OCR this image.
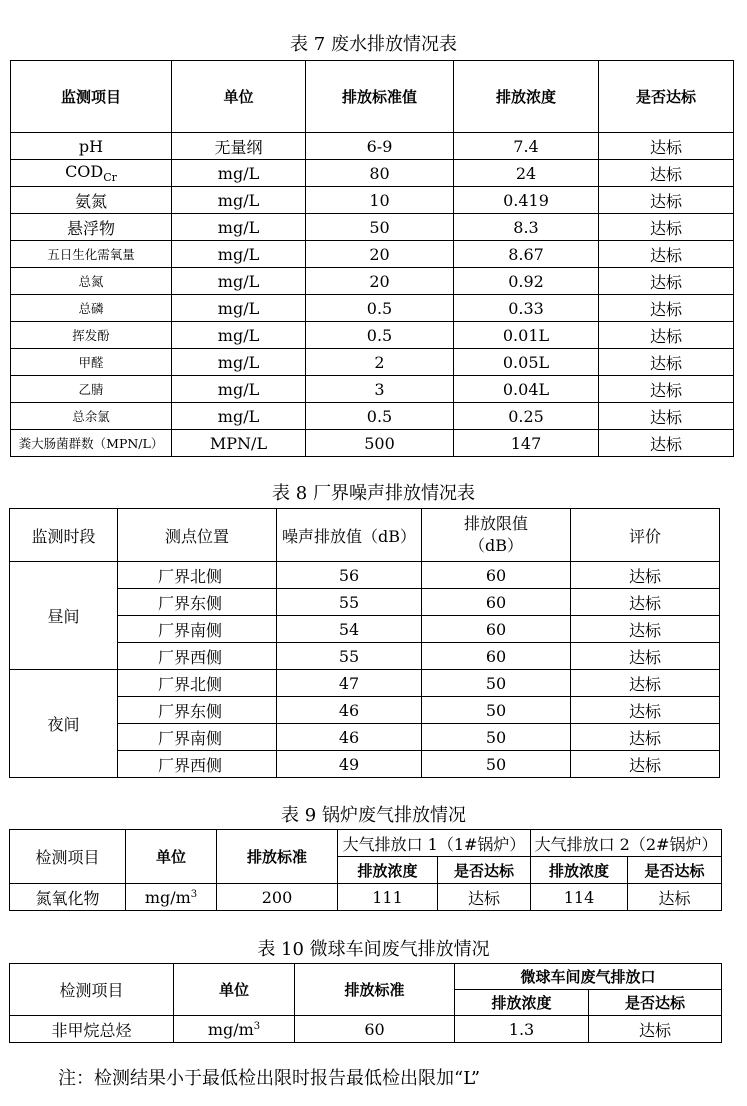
表 7 废水排放情况表
监测项目	单位	排放标准值	排放浓度	是否达标
pH	无量纲	6-9	7.4	达标
$COD_{Cr}$	mg/L	80	24	达标
氨氮	mg/L	10	0.419	达标
悬浮物	mg/L	50	8.3	达标
五日生化需氧量	mg/L	20	8.67	达标
总氮	mg/L	20	0.92	达标
总磷	mg/L	0.5	0.33	达标
挥发酚	mg/L	0.5	0.01L	达标
甲醛	mg/L	2	0.05L	达标
乙腈	mg/L	3	0.04L	达标
总余氯	mg/L	0.5	0.25	达标
粪大肠菌群数（MPN/L）	MPN/L	500	147	达标
表 8 厂界噪声排放情况表
监测时段	测点位置	噪声排放值（dB）	排放限值（dB）	评价
昼间	厂界北侧	56	60	达标
	厂界东侧	55	60	达标
	厂界南侧	54	60	达标
	厂界西侧	55	60	达标
夜间	厂界北侧	47	50	达标
	厂界东侧	46	50	达标
	厂界南侧	46	50	达标
	厂界西侧	49	50	达标
表 9 锅炉废气排放情况
检测项目	单位	排放标准	大气排放口 1（1#锅炉）		大气排放口 2（2#锅炉）	
			排放浓度	是否达标	排放浓度	是否达标
氮氧化物	$mg/m^3$	200	111	达标	114	达标
表 10 微球车间废气排放情况
检测项目	单位	排放标准	微球车间废气排放口	
			排放浓度	是否达标
非甲烷总烃	$mg/m^3$	60	1.3	达标
注：检测结果小于最低检出限时报告最低检出限加“L”
